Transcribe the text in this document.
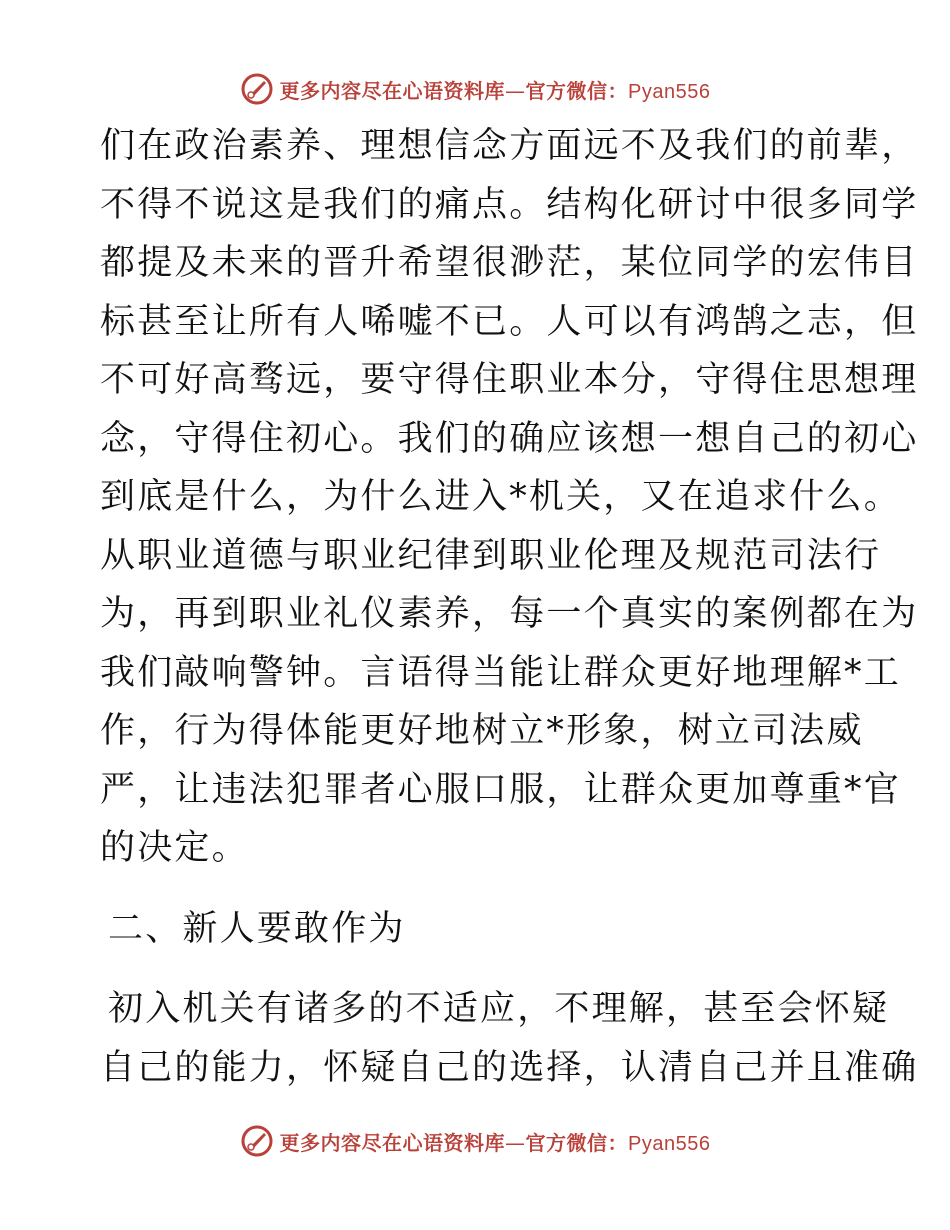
更多内容尽在心语资料库—官方微信：Pyan556
们在政治素养、理想信念方面远不及我们的前辈，
不得不说这是我们的痛点。结构化研讨中很多同学
都提及未来的晋升希望很渺茫，某位同学的宏伟目
标甚至让所有人唏嘘不已。人可以有鸿鹄之志，但
不可好高骛远，要守得住职业本分，守得住思想理
念，守得住初心。我们的确应该想一想自己的初心
到底是什么，为什么进入*机关，又在追求什么。
从职业道德与职业纪律到职业伦理及规范司法行
为，再到职业礼仪素养，每一个真实的案例都在为
我们敲响警钟。言语得当能让群众更好地理解*工
作，行为得体能更好地树立*形象，树立司法威
严，让违法犯罪者心服口服，让群众更加尊重*官
的决定。
二、新人要敢作为
初入机关有诸多的不适应，不理解，甚至会怀疑
自己的能力，怀疑自己的选择，认清自己并且准确
更多内容尽在心语资料库—官方微信：Pyan556
